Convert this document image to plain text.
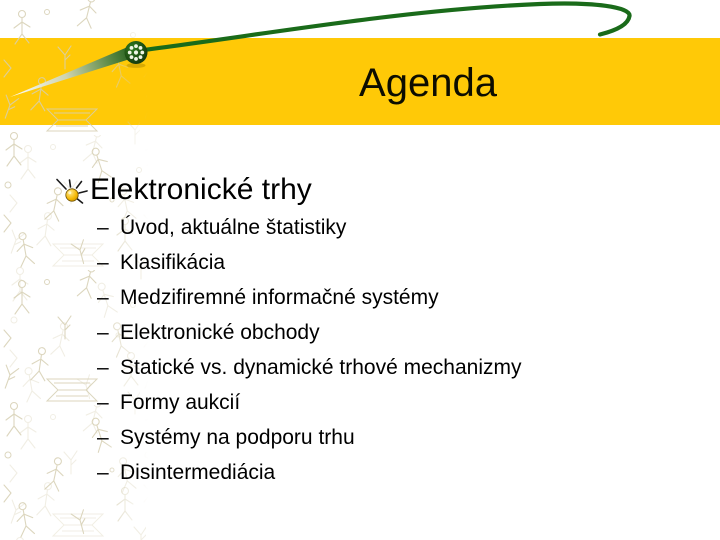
Agenda
Elektronické trhy
– Úvod, aktuálne štatistiky
– Klasifikácia
– Medzifiremné informačné systémy
– Elektronické obchody
– Statické vs. dynamické trhové mechanizmy
– Formy aukcií
– Systémy na podporu trhu
– Disintermediácia
